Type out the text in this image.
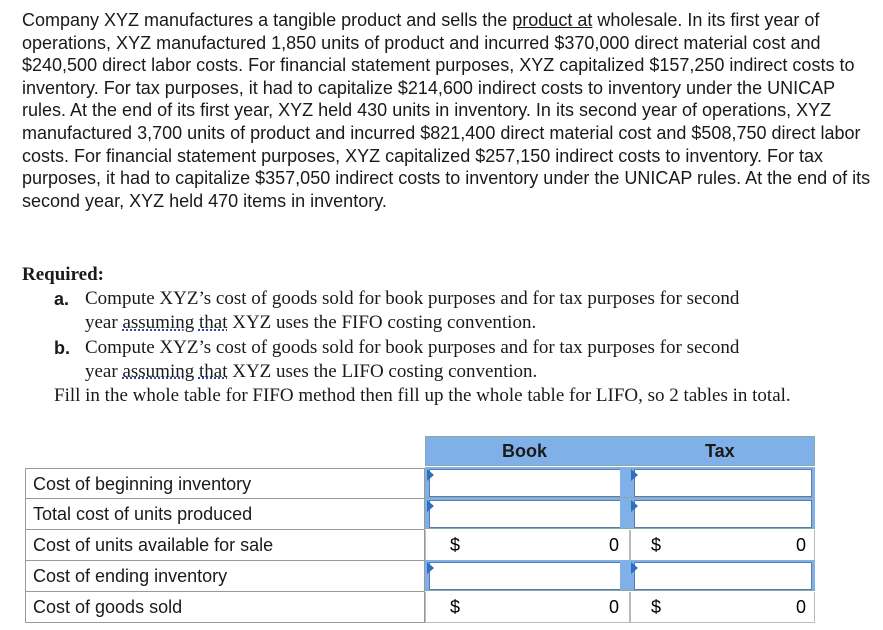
Company XYZ manufactures a tangible product and sells the product at wholesale. In its first year of operations, XYZ manufactured 1,850 units of product and incurred $370,000 direct material cost and $240,500 direct labor costs. For financial statement purposes, XYZ capitalized $157,250 indirect costs to inventory. For tax purposes, it had to capitalize $214,600 indirect costs to inventory under the UNICAP rules. At the end of its first year, XYZ held 430 units in inventory. In its second year of operations, XYZ manufactured 3,700 units of product and incurred $821,400 direct material cost and $508,750 direct labor costs. For financial statement purposes, XYZ capitalized $257,150 indirect costs to inventory. For tax purposes, it had to capitalize $357,050 indirect costs to inventory under the UNICAP rules. At the end of its second year, XYZ held 470 items in inventory.

Required:

a. Compute XYZ’s cost of goods sold for book purposes and for tax purposes for second
year assuming that XYZ uses the FIFO costing convention.

b. Compute XYZ’s cost of goods sold for book purposes and for tax purposes for second
year assuming that XYZ uses the LIFO costing convention.

Fill in the whole table for FIFO method then fill up the whole table for LIFO, so 2 tables in total.

Book	Tax
Cost of beginning inventory
Total cost of units produced
Cost of units available for sale	$	0 $	0
Cost of ending inventory
Cost of goods sold	$	0 $	0
